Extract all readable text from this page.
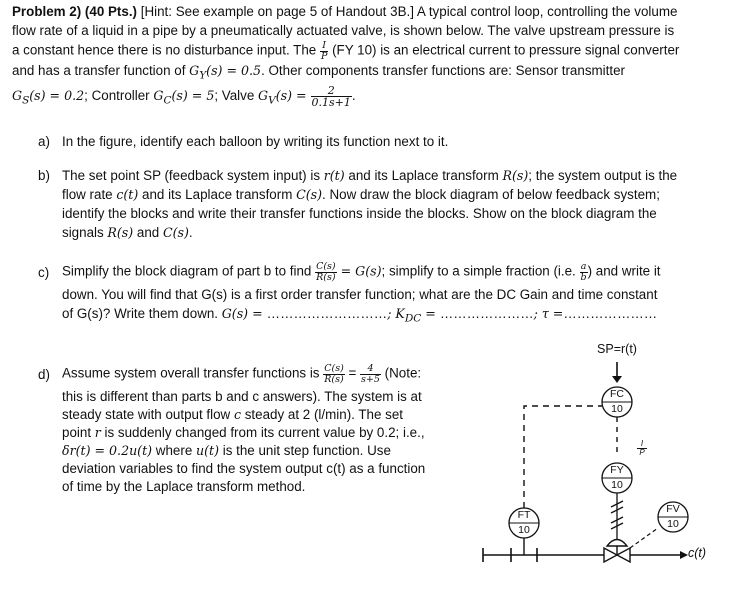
Problem 2) (40 Pts.) [Hint: See example on page 5 of Handout 3B.] A typical control loop, controlling the volume
flow rate of a liquid in a pipe by a pneumatically actuated valve, is shown below. The valve upstream pressure is
a constant hence there is no disturbance input. The $\frac{I}{P} (FY$ 10) is an electrical current to pressure signal converter
and has a transfer function of $G_Y(s) = 0.5$. Other components transfer functions are: Sensor transmitter
$G_S(s) = 0.2$; Controller $G_C(s) = 5$; Valve $G_V(s) = \frac{2}{0.1s+1}$ .
a) In the figure, identify each balloon by writing its function next to it.
b) The set point SP (feedback system input) is r(t) and its Laplace transform R(s); the system output is the
flow rate c(t) and its Laplace transform C(s). Now draw the block diagram of below feedback system;
identify the blocks and write their transfer functions inside the blocks. Show on the block diagram the
signals R(s) and C(s).
c) Simplify the block diagram of part b to find $\frac{C(s)}{R(s)} = G(s)$; simplify to a simple fraction (i.e. $\frac{a}{b}$ ) and write it
down. You will find that G(s) is a first order transfer function; what are the DC Gain and time constant
of G(s)? Write them down. G(s) = ………………………; $K_{DC}$ = …………………; τ =…………………
d) Assume system overall transfer functions is $\frac{C(s)}{R(s)} = \frac{4}{s+5}$ (Note:
this is different than parts b and c answers). The system is at
steady state with output flow c steady at 2 (l/min). The set
point r is suddenly changed from its current value by 0.2; i.e.,
δr(t) = 0.2u(t) where u(t) is the unit step function. Use
deviation variables to find the system output c(t) as a function
of time by the Laplace transform method.
SP=r(t)
FC
10
FY
10
FT
10
FV
10
I
P
c(t)
